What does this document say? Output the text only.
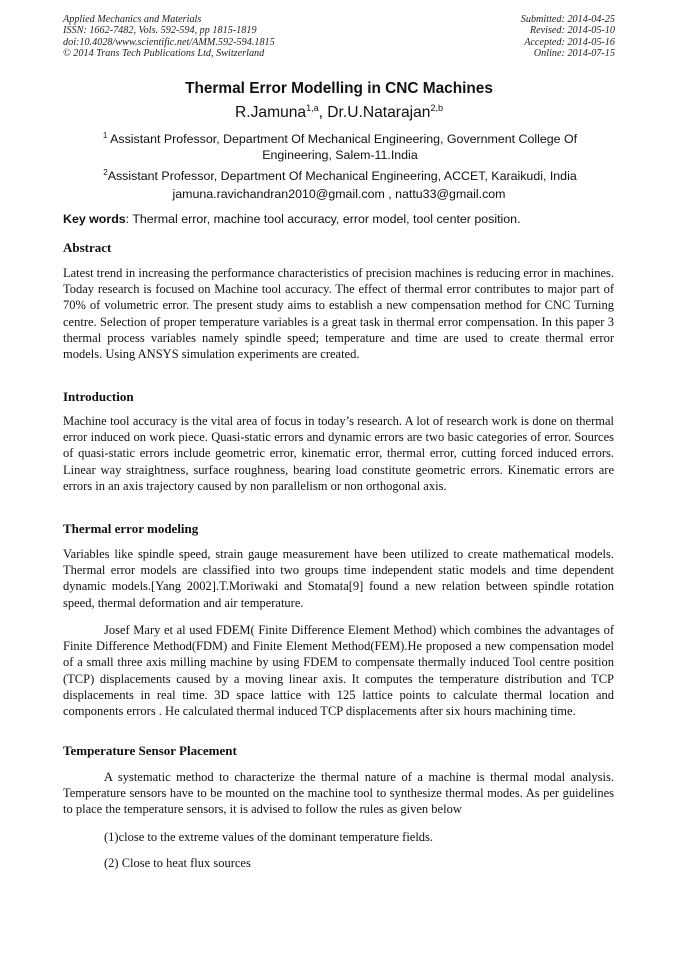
Applied Mechanics and Materials
ISSN: 1662-7482, Vols. 592-594, pp 1815-1819
doi:10.4028/www.scientific.net/AMM.592-594.1815
© 2014 Trans Tech Publications Ltd, Switzerland
Submitted: 2014-04-25
Revised: 2014-05-10
Accepted: 2014-05-16
Online: 2014-07-15
Thermal Error Modelling in CNC Machines
R.Jamuna$^{1,a}$, Dr.U.Natarajan$^{2,b}$
$^1$ Assistant Professor, Department Of Mechanical Engineering, Government College Of Engineering, Salem-11.India
$^2$Assistant Professor, Department Of Mechanical Engineering, ACCET, Karaikudi, India
jamuna.ravichandran2010@gmail.com , nattu33@gmail.com
Key words: Thermal error, machine tool accuracy, error model, tool center position.
Abstract
Latest trend in increasing the performance characteristics of precision machines is reducing error in machines. Today research is focused on Machine tool accuracy. The effect of thermal error contributes to major part of 70% of volumetric error. The present study aims to establish a new compensation method for CNC Turning centre. Selection of proper temperature variables is a great task in thermal error compensation. In this paper 3 thermal process variables namely spindle speed; temperature and time are used to create thermal error models. Using ANSYS simulation experiments are created.
Introduction
Machine tool accuracy is the vital area of focus in today’s research. A lot of research work is done on thermal error induced on work piece. Quasi-static errors and dynamic errors are two basic categories of error. Sources of quasi-static errors include geometric error, kinematic error, thermal error, cutting forced induced errors. Linear way straightness, surface roughness, bearing load constitute geometric errors. Kinematic errors are errors in an axis trajectory caused by non parallelism or non orthogonal axis.
Thermal error modeling
Variables like spindle speed, strain gauge measurement have been utilized to create mathematical models. Thermal error models are classified into two groups time independent static models and time dependent dynamic models.[Yang 2002].T.Moriwaki and Stomata[9] found a new relation between spindle rotation speed, thermal deformation and air temperature.
Josef Mary et al used FDEM( Finite Difference Element Method) which combines the advantages of Finite Difference Method(FDM) and Finite Element Method(FEM).He proposed a new compensation model of a small three axis milling machine by using FDEM to compensate thermally induced Tool centre position (TCP) displacements caused by a moving linear axis. It computes the temperature distribution and TCP displacements in real time. 3D space lattice with 125 lattice points to calculate thermal location and components errors . He calculated thermal induced TCP displacements after six hours machining time.
Temperature Sensor Placement
A systematic method to characterize the thermal nature of a machine is thermal modal analysis. Temperature sensors have to be mounted on the machine tool to synthesize thermal modes. As per guidelines to place the temperature sensors, it is advised to follow the rules as given below
(1)close to the extreme values of the dominant temperature fields.
(2) Close to heat flux sources
